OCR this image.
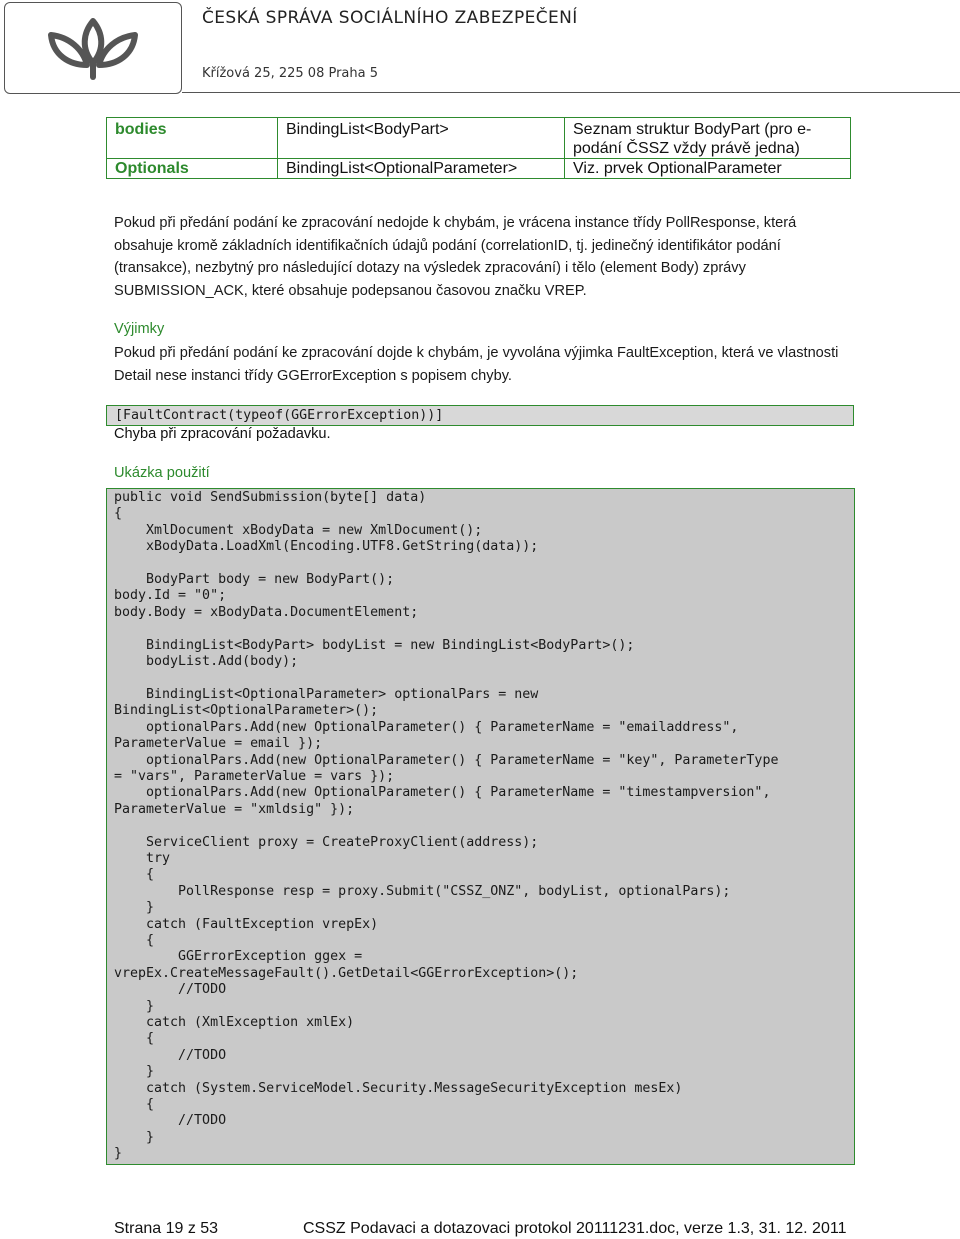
ČESKÁ SPRÁVA SOCIÁLNÍHO ZABEZPEČENÍ
Křížová 25, 225 08 Praha 5
bodies	BindingList<BodyPart>	Seznam struktur BodyPart (pro e-podání ČSSZ vždy právě jedna)
Optionals	BindingList<OptionalParameter>	Viz. prvek OptionalParameter
Pokud při předání podání ke zpracování nedojde k chybám, je vrácena instance třídy PollResponse, která obsahuje kromě základních identifikačních údajů podání (correlationID, tj. jedinečný identifikátor podání (transakce), nezbytný pro následující dotazy na výsledek zpracování) i tělo (element Body) zprávy SUBMISSION_ACK, které obsahuje podepsanou časovou značku VREP.
Výjimky
Pokud při předání podání ke zpracování dojde k chybám, je vyvolána výjimka FaultException, která ve vlastnosti Detail nese instanci třídy GGErrorException s popisem chyby.
[FaultContract(typeof(GGErrorException))]
Chyba při zpracování požadavku.
Ukázka použití
public void SendSubmission(byte[] data)
{
XmlDocument xBodyData = new XmlDocument();
xBodyData.LoadXml(Encoding.UTF8.GetString(data));

BodyPart body = new BodyPart();
body.Id = "0";
body.Body = xBodyData.DocumentElement;

BindingList<BodyPart> bodyList = new BindingList<BodyPart>();
bodyList.Add(body);

BindingList<OptionalParameter> optionalPars = new
BindingList<OptionalParameter>();
optionalPars.Add(new OptionalParameter() { ParameterName = "emailaddress",
ParameterValue = email });
optionalPars.Add(new OptionalParameter() { ParameterName = "key", ParameterType
= "vars", ParameterValue = vars });
optionalPars.Add(new OptionalParameter() { ParameterName = "timestampversion",
ParameterValue = "xmldsig" });

ServiceClient proxy = CreateProxyClient(address);
try
{
PollResponse resp = proxy.Submit("CSSZ_ONZ", bodyList, optionalPars);
}
catch (FaultException vrepEx)
{
GGErrorException ggex =
vrepEx.CreateMessageFault().GetDetail<GGErrorException>();
//TODO
}
catch (XmlException xmlEx)
{
//TODO
}
catch (System.ServiceModel.Security.MessageSecurityException mesEx)
{
//TODO
}
}
Strana 19 z 53	CSSZ Podavaci a dotazovaci protokol 20111231.doc, verze 1.3, 31. 12. 2011
